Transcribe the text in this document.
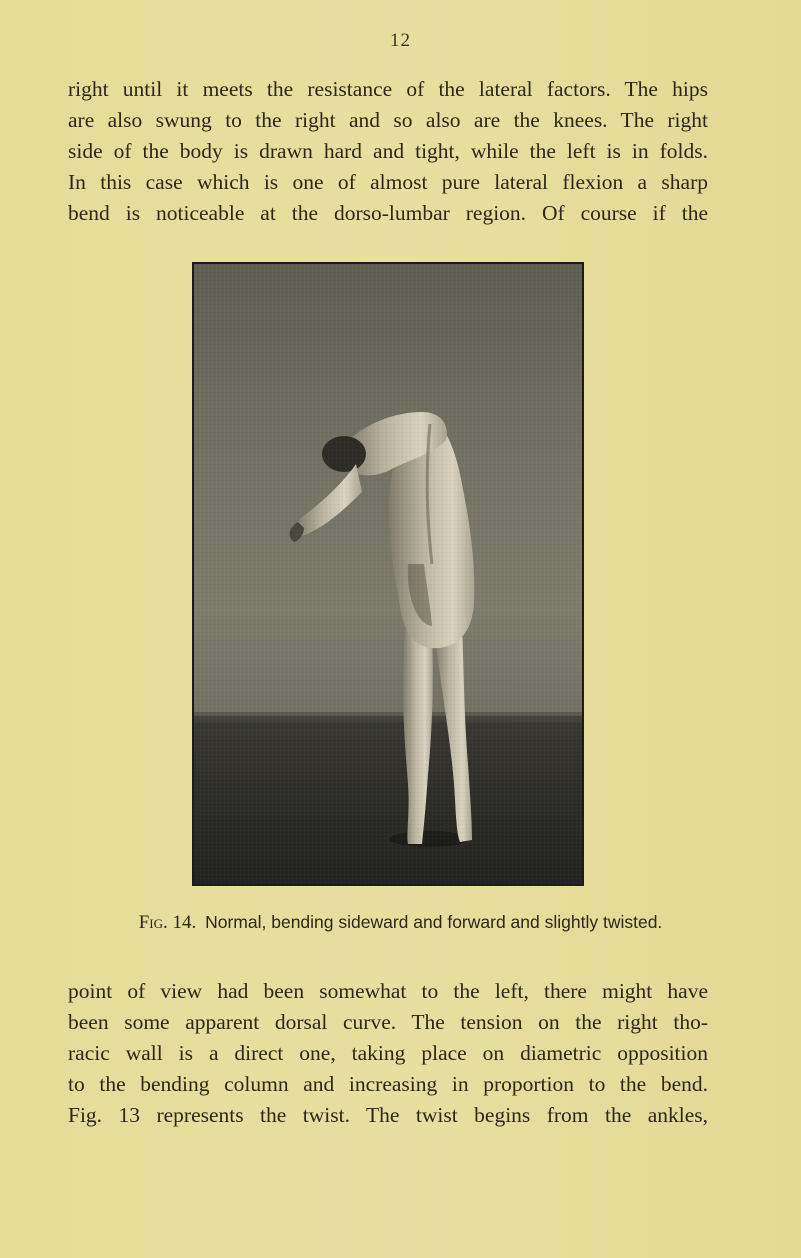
12
right until it meets the resistance of the lateral factors. The hips
are also swung to the right and so also are the knees. The right
side of the body is drawn hard and tight, while the left is in folds.
In this case which is one of almost pure lateral flexion a sharp
bend is noticeable at the dorso-lumbar region. Of course if the
Fig. 14. Normal, bending sideward and forward and slightly twisted.
point of view had been somewhat to the left, there might have
been some apparent dorsal curve. The tension on the right tho-
racic wall is a direct one, taking place on diametric opposition
to the bending column and increasing in proportion to the bend.
Fig. 13 represents the twist. The twist begins from the ankles,
